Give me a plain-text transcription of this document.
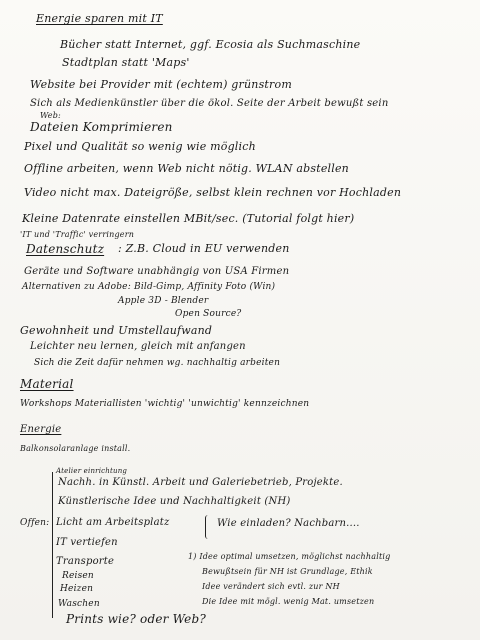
Energie sparen mit IT
Bücher statt Internet, ggf. Ecosia als Suchmaschine
Stadtplan statt 'Maps'
Website bei Provider mit (echtem) grünstrom
Sich als Medienkünstler über die ökol. Seite der Arbeit bewußt sein
Web:
Dateien Komprimieren
Pixel und Qualität so wenig wie möglich
Offline arbeiten, wenn Web nicht nötig. WLAN abstellen
Video nicht max. Dateigröße, selbst klein rechnen vor Hochladen
Kleine Datenrate einstellen MBit/sec. (Tutorial folgt hier)
'IT und 'Traffic' verringern
Datenschutz : Z.B. Cloud in EU verwenden
Geräte und Software unabhängig von USA Firmen
Alternativen zu Adobe: Bild-Gimp, Affinity Foto (Win)
Apple 3D - Blender
Open Source?
Gewohnheit und Umstellaufwand
Leichter neu lernen, gleich mit anfangen
Sich die Zeit dafür nehmen wg. nachhaltig arbeiten
Material
Workshops Materiallisten 'wichtig' 'unwichtig' kennzeichnen
Energie
Balkonsolaranlage install.
Atelier einrichtung
Nachh. in Künstl. Arbeit und Galeriebetrieb, Projekte.
Künstlerische Idee und Nachhaltigkeit (NH)
Offen: Licht am Arbeitsplatz	Wie einladen? Nachbarn....
IT vertiefen
Transporte
Reisen
Heizen
Waschen
Prints wie? oder Web?
1) Idee optimal umsetzen, möglichst nachhaltig
Bewußtsein für NH ist Grundlage, Ethik
Idee verändert sich evtl. zur NH
Die Idee mit mögl. wenig Mat. umsetzen
